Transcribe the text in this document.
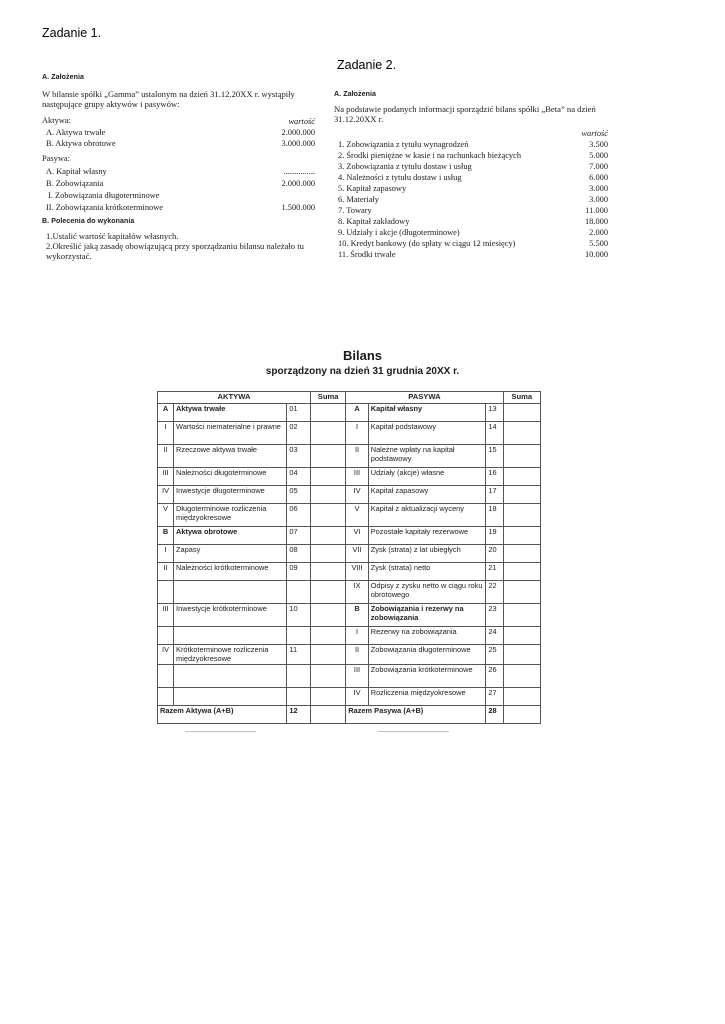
Zadanie 1.
A. Założenia
W bilansie spółki „Gamma” ustalonym na dzień 31.12.20XX r. wystąpiły następujące grupy aktywów i pasywów:
Aktywa:	wartość
A. Aktywa trwałe	2.000.000
B. Aktywa obrotowe	3.000.000
Pasywa:
A. Kapitał własny	...............
B. Zobowiązania	2.000.000
I. Zobowiązania długoterminowe
II. Zobowiązania krótkoterminowe	1.500.000
B. Polecenia do wykonania
1.Ustalić wartość kapitałów własnych.
2.Określić jaką zasadę obowiązującą przy sporządzaniu bilansu należało tu wykorzystać.
Zadanie 2.
A. Założenia
Na podstawie podanych informacji sporządzić bilans spółki „Beta” na dzień 31.12.20XX r.
wartość
1. Zobowiązania z tytułu wynagrodzeń	3.500
2. Środki pieniężne w kasie i na rachunkach bieżących	5.000
3. Zobowiązania z tytułu dostaw i usług	7.000
4. Należności z tytułu dostaw i usług	6.000
5. Kapitał zapasowy	3.000
6. Materiały	3.000
7. Towary	11.000
8. Kapitał zakładowy	18.000
9. Udziały i akcje (długoterminowe)	2.000
10. Kredyt bankowy (do spłaty w ciągu 12 miesięcy)	5.500
11. Środki trwałe	10.000
Bilans
sporządzony na dzień 31 grudnia 20XX r.
AKTYWA			Suma	PASYWA			Suma
A	Aktywa trwałe	01		A	Kapitał własny	13	
I	Wartości niematerialne i prawne	02		I	Kapitał podstawowy	14	
II	Rzeczowe aktywa trwałe	03		II	Należne wpłaty na kapitał podstawowy	15	
III	Należności długoterminowe	04		III	Udziały (akcje) własne	16	
IV	Inwestycje długoterminowe	05		IV	Kapitał zapasowy	17	
V	Długoterminowe rozliczenia międzyokresowe	06		V	Kapitał z aktualizacji wyceny	18	
B	Aktywa obrotowe	07		VI	Pozostałe kapitały rezerwowe	19	
I	Zapasy	08		VII	Zysk (strata) z lat ubiegłych	20	
II	Należności krótkoterminowe	09		VIII	Zysk (strata) netto	21	
				IX	Odpisy z zysku netto w ciągu roku obrotowego	22	
III	Inwestycje krótkoterminowe	10		B	Zobowiązania i rezerwy na zobowiązania	23	
				I	Rezerwy na zobowiązania	24	
IV	Krótkoterminowe rozliczenia międzyokresowe	11		II	Zobowiązania długoterminowe	25	
				III	Zobowiązania krótkoterminowe	26	
				IV	Rozliczenia międzyokresowe	27	
Razem Aktywa (A+B)		12		Razem Pasywa (A+B)		28	
.......................................................................	.......................................................................
